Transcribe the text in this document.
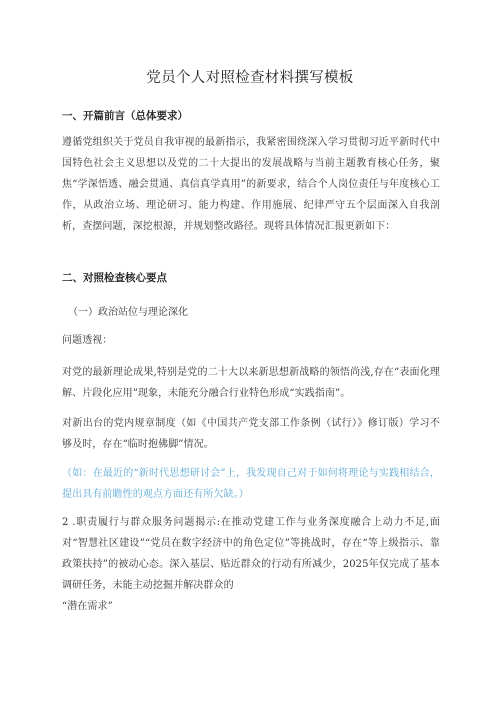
党员个人对照检查材料撰写模板
一、开篇前言（总体要求）

遵循党组织关于党员自我审视的最新指示，我紧密围绕深入学习贯彻习近平新时代中国特色社会主义思想以及党的二十大提出的发展战略与当前主题教育核心任务，聚焦“学深悟透、融会贯通、真信真学真用”的新要求，结合个人岗位责任与年度核心工作，从政治立场、理论研习、能力构建、作用施展、纪律严守五个层面深入自我剖析，查摆问题，深挖根源，并规划整改路径。现将具体情况汇报更新如下：

二、对照检查核心要点

（一）政治站位与理论深化

问题透视：

对党的最新理论成果,特别是党的二十大以来新思想新战略的领悟尚浅,存在“表面化理解、片段化应用”现象，未能充分融合行业特色形成“实践指南”。

对新出台的党内规章制度（如《中国共产党支部工作条例（试行）》修订版）学习不够及时，存在“临时抱佛脚”情况。

（如：在最近的“新时代思想研讨会”上，我发现自己对于如何将理论与实践相结合，提出具有前瞻性的观点方面还有所欠缺。）

2 .职责履行与群众服务问题揭示:在推动党建工作与业务深度融合上动力不足,面对“智慧社区建设”“党员在数字经济中的角色定位”等挑战时，存在“等上级指示、靠政策扶持”的被动心态。深入基层、贴近群众的行动有所减少，2025年仅完成了基本调研任务，未能主动挖掘并解决群众的

“潜在需求”
